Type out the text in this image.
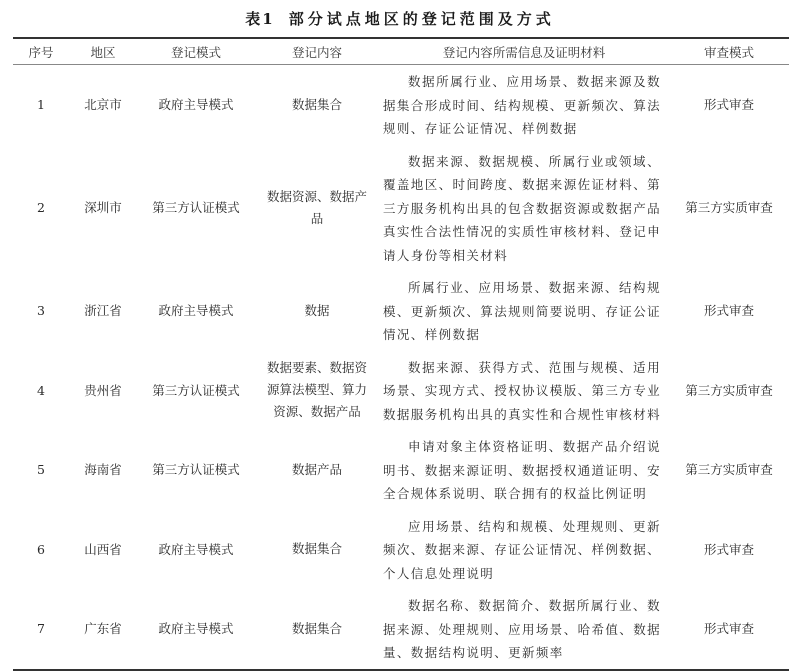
表1 部分试点地区的登记范围及方式
序号	地区	登记模式	登记内容	登记内容所需信息及证明材料	审查模式
1	北京市	政府主导模式	数据集合	数据所属行业、应用场景、数据来源及数据集合形成时间、结构规模、更新频次、算法规则、存证公证情况、样例数据	形式审查
2	深圳市	第三方认证模式	数据资源、数据产品	数据来源、数据规模、所属行业或领域、覆盖地区、时间跨度、数据来源佐证材料、第三方服务机构出具的包含数据资源或数据产品真实性合法性情况的实质性审核材料、登记申请人身份等相关材料	第三方实质审查
3	浙江省	政府主导模式	数据	所属行业、应用场景、数据来源、结构规模、更新频次、算法规则简要说明、存证公证情况、样例数据	形式审查
4	贵州省	第三方认证模式	数据要素、数据资源算法模型、算力资源、数据产品	数据来源、获得方式、范围与规模、适用场景、实现方式、授权协议模版、第三方专业数据服务机构出具的真实性和合规性审核材料	第三方实质审查
5	海南省	第三方认证模式	数据产品	申请对象主体资格证明、数据产品介绍说明书、数据来源证明、数据授权通道证明、安全合规体系说明、联合拥有的权益比例证明	第三方实质审查
6	山西省	政府主导模式	数据集合	应用场景、结构和规模、处理规则、更新频次、数据来源、存证公证情况、样例数据、个人信息处理说明	形式审查
7	广东省	政府主导模式	数据集合	数据名称、数据简介、数据所属行业、数据来源、处理规则、应用场景、哈希值、数据量、数据结构说明、更新频率	形式审查
